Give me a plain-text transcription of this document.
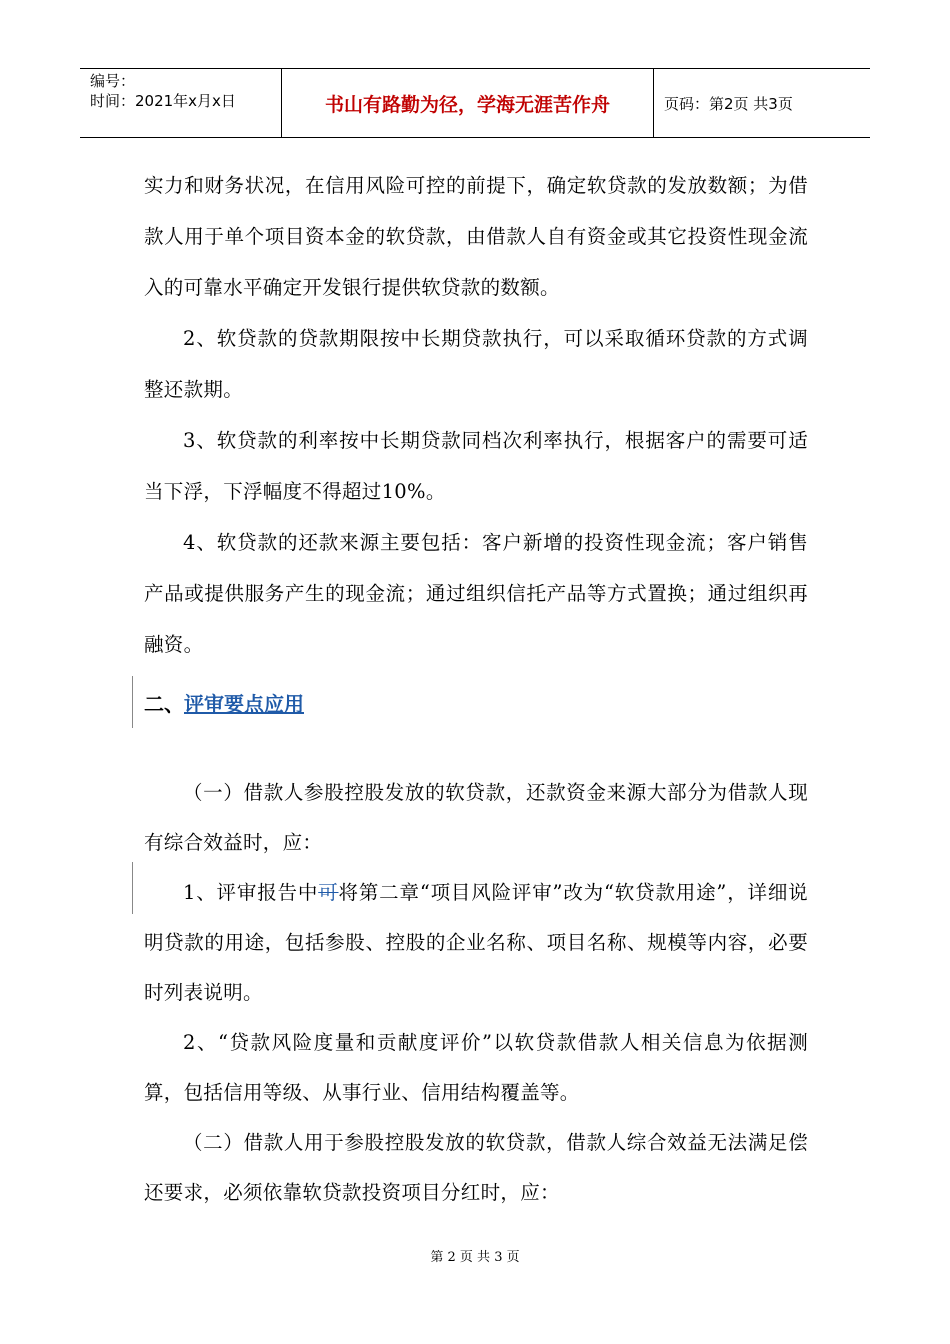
编号：
时间：2021年x月x日	书山有路勤为径，学海无涯苦作舟	页码：第2页 共3页

实力和财务状况，在信用风险可控的前提下，确定软贷款的发放数额；为借款人用于单个项目资本金的软贷款，由借款人自有资金或其它投资性现金流入的可靠水平确定开发银行提供软贷款的数额。

2、软贷款的贷款期限按中长期贷款执行，可以采取循环贷款的方式调整还款期。

3、软贷款的利率按中长期贷款同档次利率执行，根据客户的需要可适当下浮，下浮幅度不得超过10%。

4、软贷款的还款来源主要包括：客户新增的投资性现金流；客户销售产品或提供服务产生的现金流；通过组织信托产品等方式置换；通过组织再融资。

二、评审要点应用

（一）借款人参股控股发放的软贷款，还款资金来源大部分为借款人现有综合效益时，应：

1、评审报告中可将第二章“项目风险评审”改为“软贷款用途”，详细说明贷款的用途，包括参股、控股的企业名称、项目名称、规模等内容，必要时列表说明。

2、“贷款风险度量和贡献度评价”以软贷款借款人相关信息为依据测算，包括信用等级、从事行业、信用结构覆盖等。

（二）借款人用于参股控股发放的软贷款，借款人综合效益无法满足偿还要求，必须依靠软贷款投资项目分红时，应：

第 2 页 共 3 页
